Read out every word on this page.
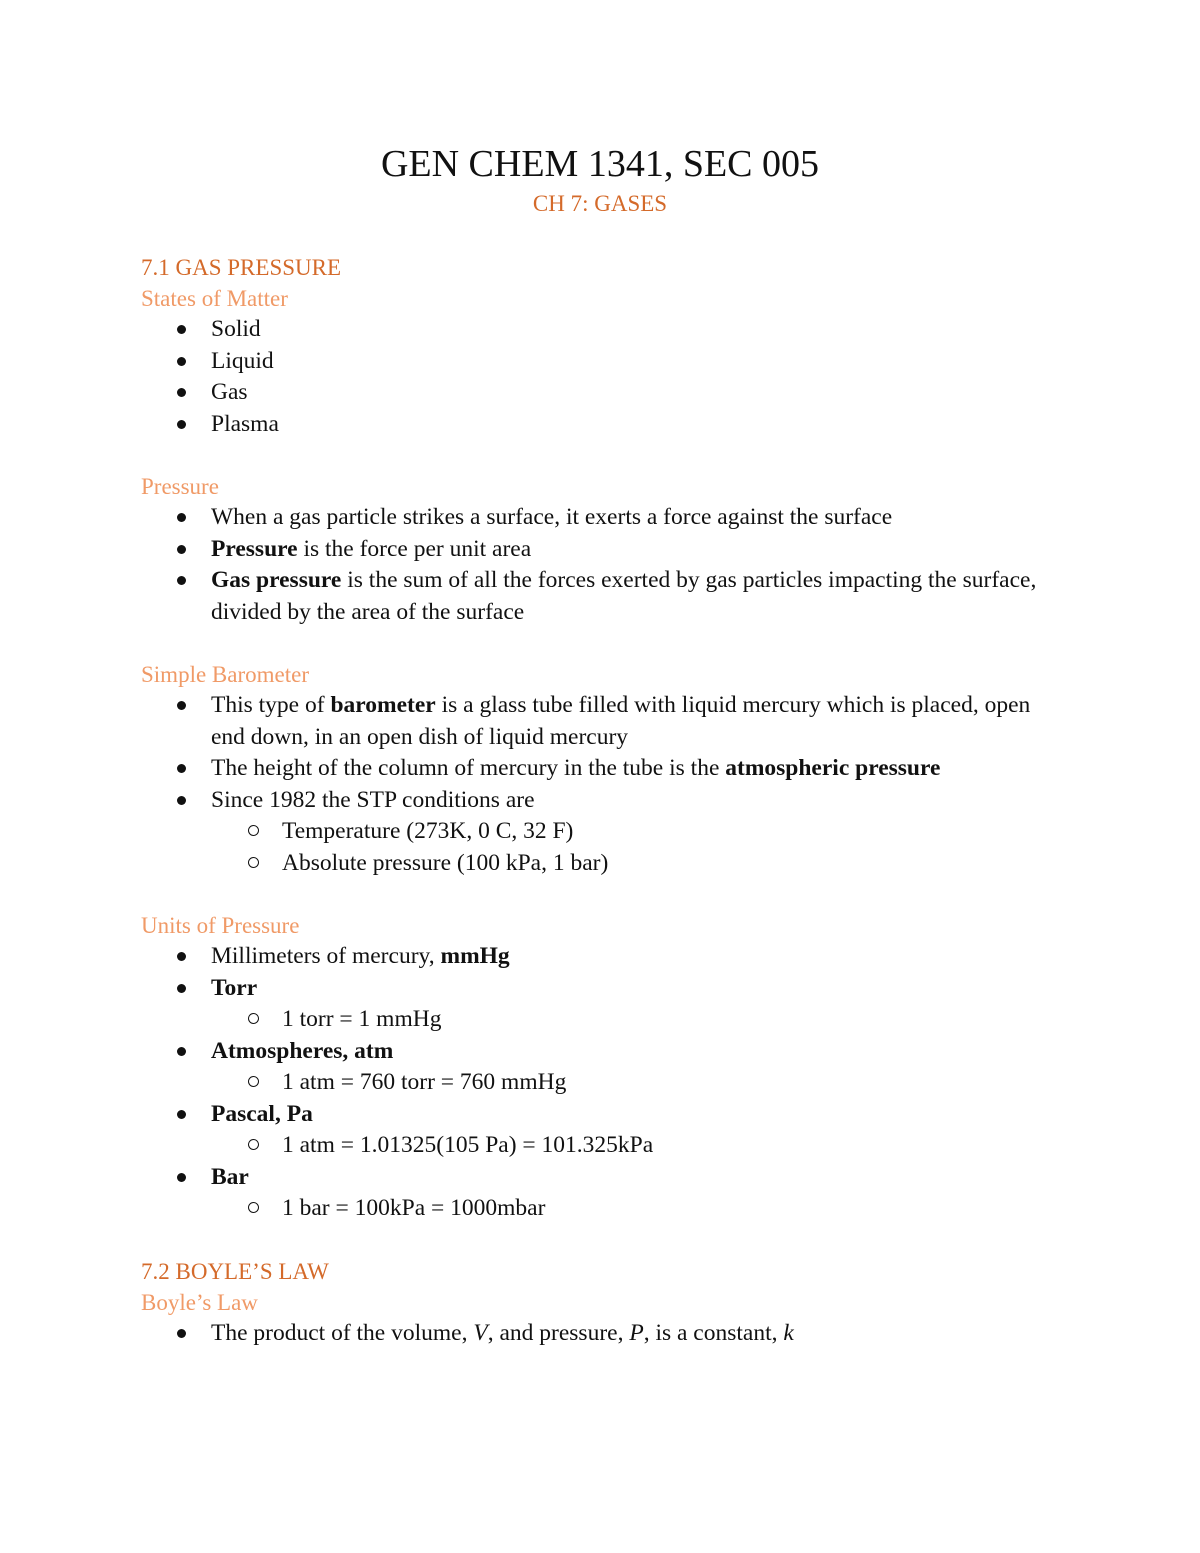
GEN CHEM 1341, SEC 005
CH 7: GASES

7.1 GAS PRESSURE

States of Matter

Solid
Liquid
Gas
Plasma

Pressure

When a gas particle strikes a surface, it exerts a force against the surface
Pressure is the force per unit area
Gas pressure is the sum of all the forces exerted by gas particles impacting the surface, divided by the area of the surface

Simple Barometer

This type of barometer is a glass tube filled with liquid mercury which is placed, open end down, in an open dish of liquid mercury
The height of the column of mercury in the tube is the atmospheric pressure
Since 1982 the STP conditions are
Temperature (273K, 0 C, 32 F)
Absolute pressure (100 kPa, 1 bar)

Units of Pressure

Millimeters of mercury, mmHg
Torr
1 torr = 1 mmHg
Atmospheres, atm
1 atm = 760 torr = 760 mmHg
Pascal, Pa
1 atm = 1.01325(105 Pa) = 101.325kPa
Bar
1 bar = 100kPa = 1000mbar

7.2 BOYLE’S LAW

Boyle’s Law

The product of the volume, V, and pressure, P, is a constant, k
